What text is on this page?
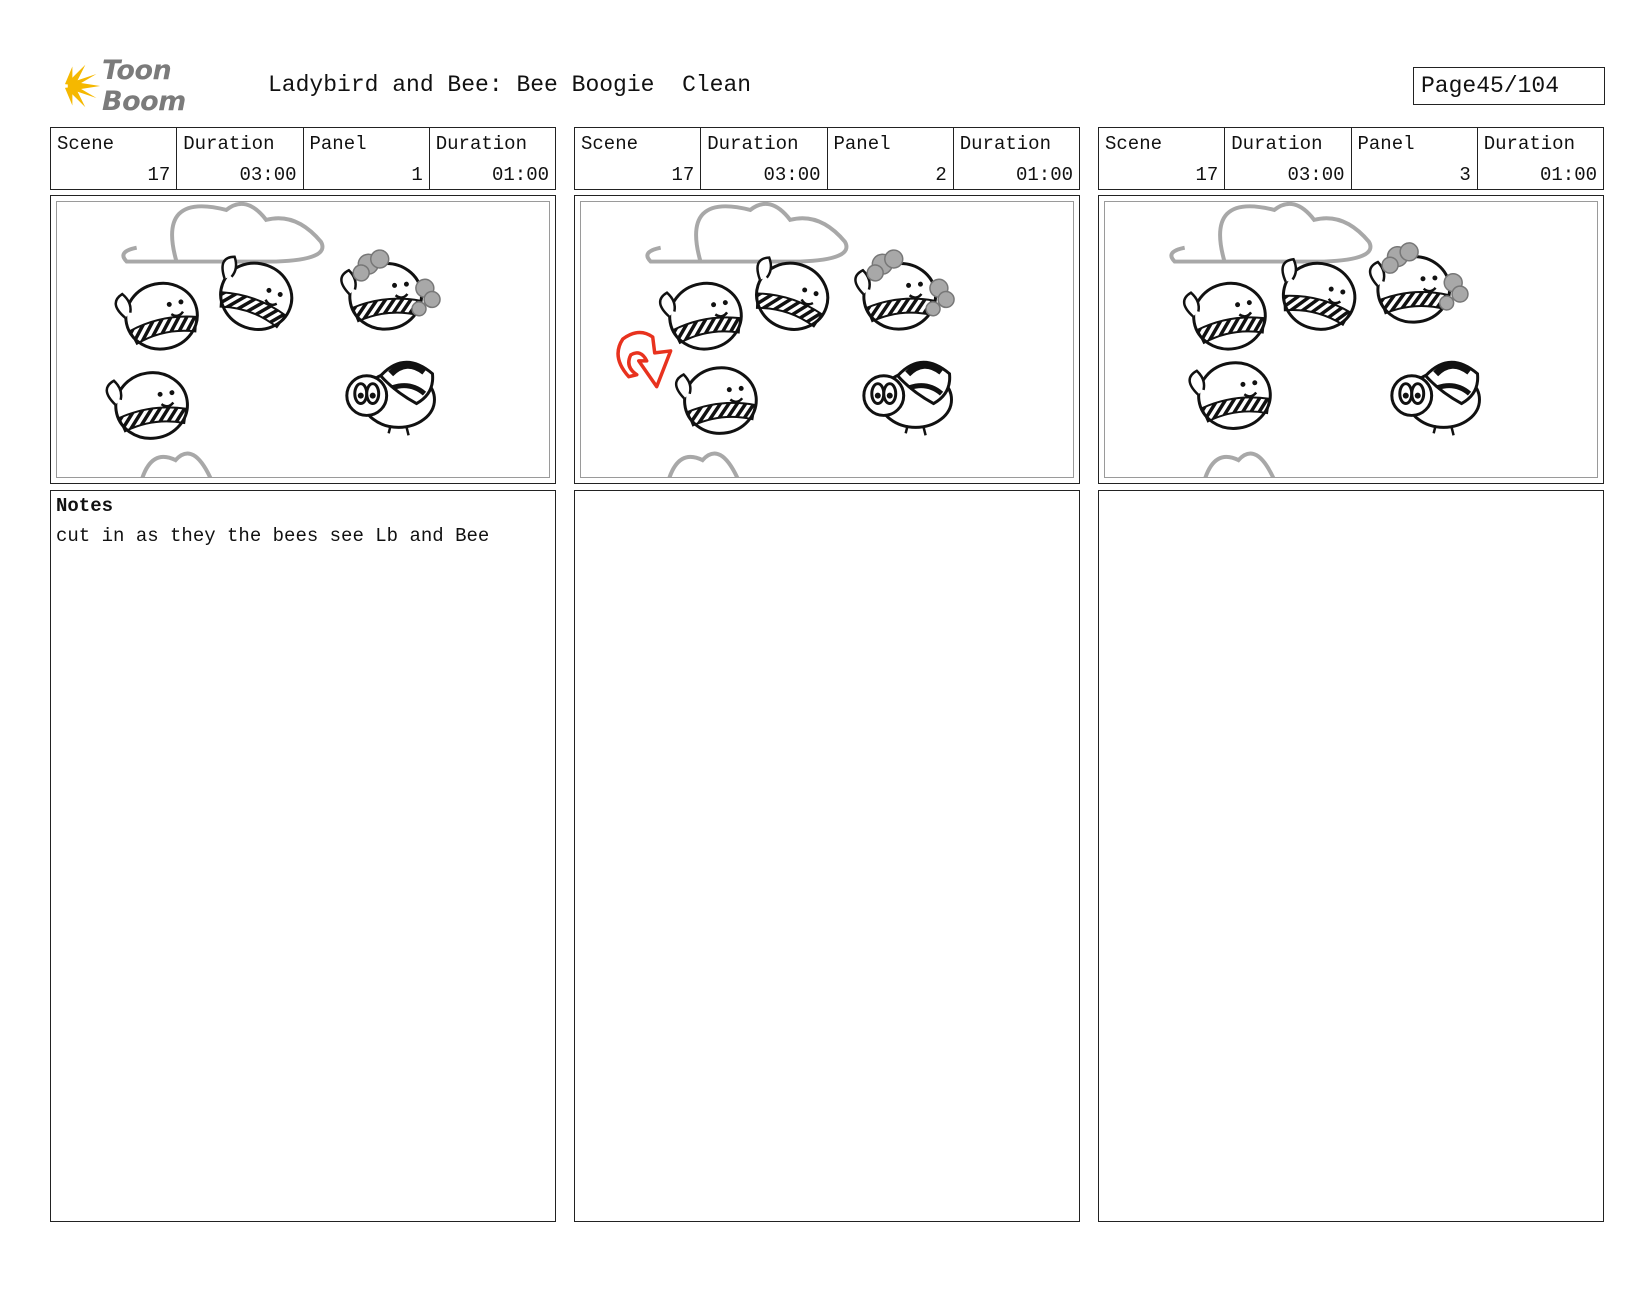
Toon Boom
Ladybird and Bee: Bee Boogie  Clean	Page 45/104
Scene
17
Duration
03:00
Panel
1
Duration
01:00
Scene
17
Duration
03:00
Panel
2
Duration
01:00
Scene
17
Duration
03:00
Panel
3
Duration
01:00
Notes
cut in as they the bees see Lb and Bee
